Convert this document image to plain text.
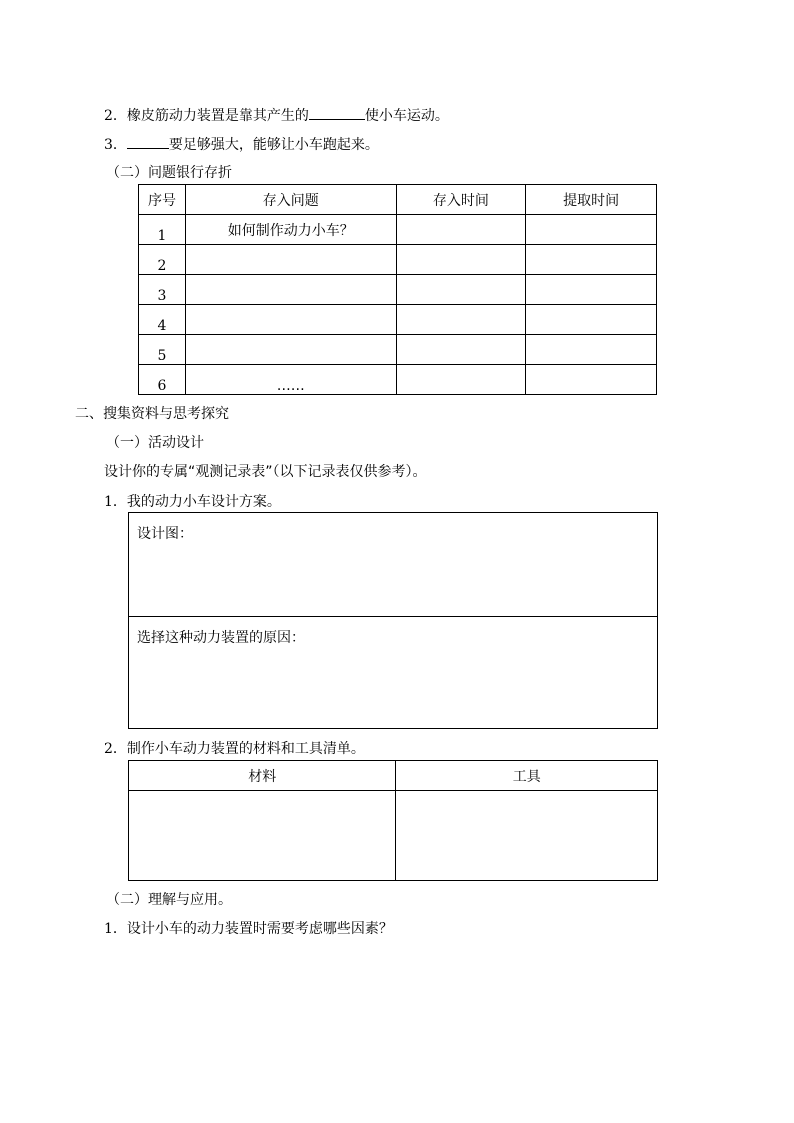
2．橡皮筋动力装置是靠其产生的	使小车运动。
3．	要足够强大，能够让小车跑起来。
（二）问题银行存折
序号	存入问题	存入时间	提取时间
1	如何制作动力小车？		
2			
3			
4			
5			
6	……		
二、搜集资料与思考探究
（一）活动设计
设计你的专属“观测记录表”（以下记录表仅供参考）。
1．我的动力小车设计方案。
设计图：
选择这种动力装置的原因：
2．制作小车动力装置的材料和工具清单。
材料	工具

（二）理解与应用。
1．设计小车的动力装置时需要考虑哪些因素？
